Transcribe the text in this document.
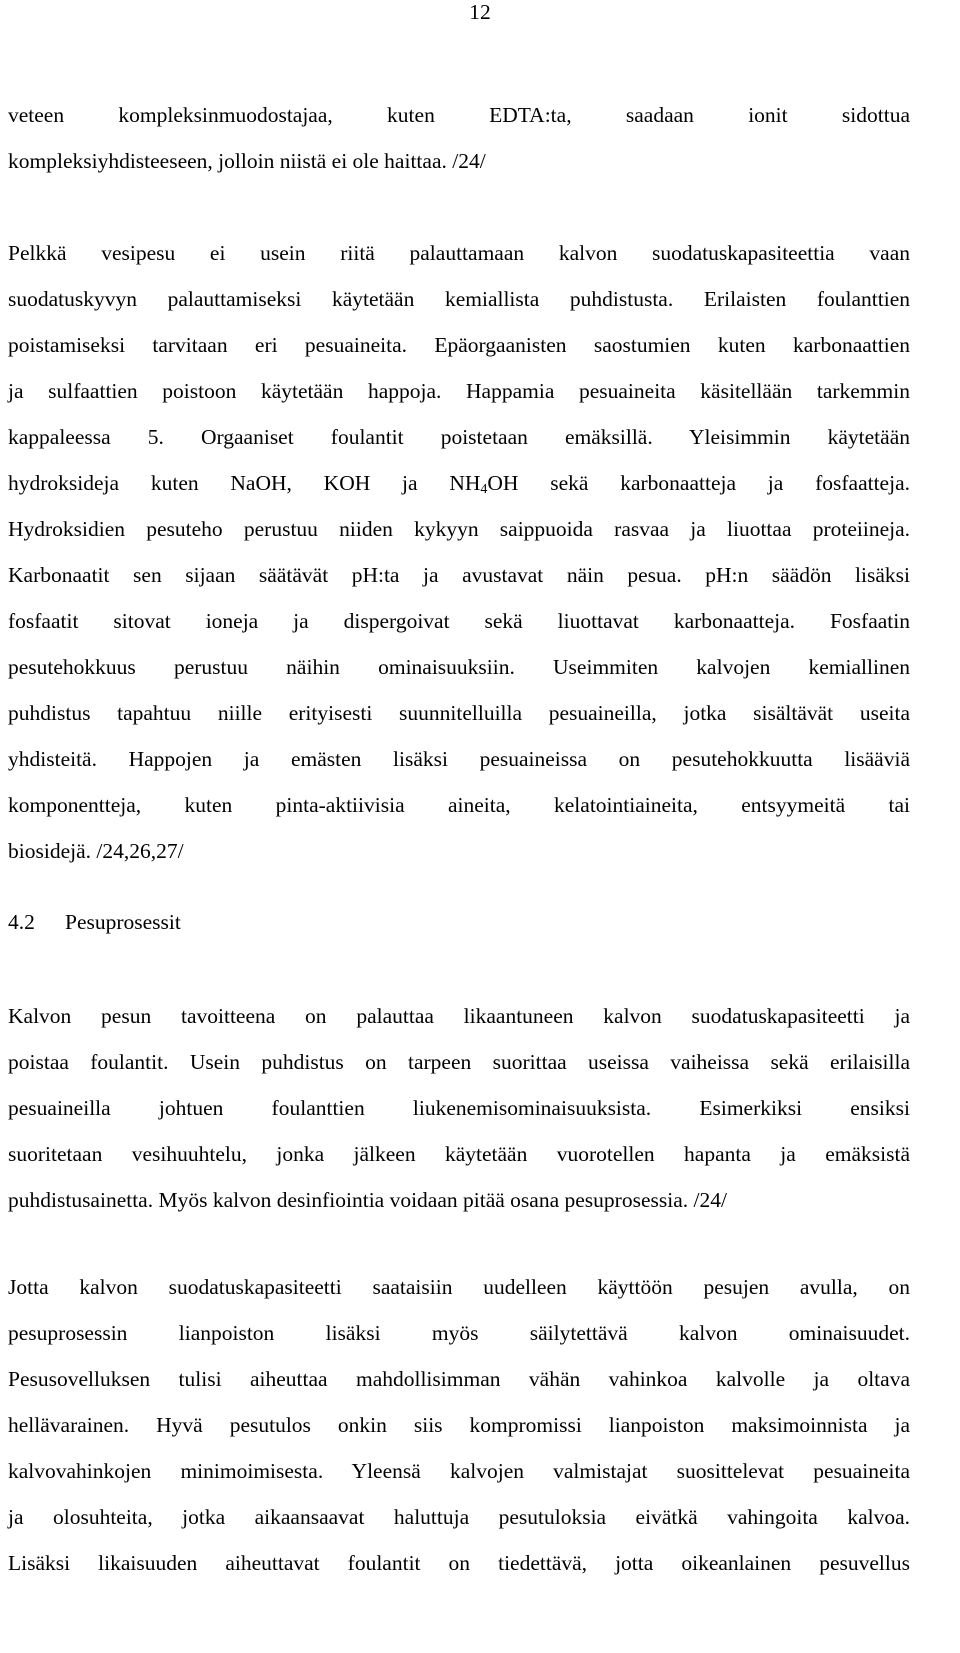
12
veteen kompleksinmuodostajaa, kuten EDTA:ta, saadaan ionit sidottua
kompleksiyhdisteeseen, jolloin niistä ei ole haittaa. /24/
Pelkkä vesipesu ei usein riitä palauttamaan kalvon suodatuskapasiteettia vaan
suodatuskyvyn palauttamiseksi käytetään kemiallista puhdistusta. Erilaisten foulanttien
poistamiseksi tarvitaan eri pesuaineita. Epäorgaanisten saostumien kuten karbonaattien
ja sulfaattien poistoon käytetään happoja. Happamia pesuaineita käsitellään tarkemmin
kappaleessa 5. Orgaaniset foulantit poistetaan emäksillä. Yleisimmin käytetään
hydroksideja kuten NaOH, KOH ja $NH_4OH$ sekä karbonaatteja ja fosfaatteja.
Hydroksidien pesuteho perustuu niiden kykyyn saippuoida rasvaa ja liuottaa proteiineja.
Karbonaatit sen sijaan säätävät pH:ta ja avustavat näin pesua. pH:n säädön lisäksi
fosfaatit sitovat ioneja ja dispergoivat sekä liuottavat karbonaatteja. Fosfaatin
pesutehokkuus perustuu näihin ominaisuuksiin. Useimmiten kalvojen kemiallinen
puhdistus tapahtuu niille erityisesti suunnitelluilla pesuaineilla, jotka sisältävät useita
yhdisteitä. Happojen ja emästen lisäksi pesuaineissa on pesutehokkuutta lisääviä
komponentteja, kuten pinta-aktiivisia aineita, kelatointiaineita, entsyymeitä tai
biosidejä. /24,26,27/
4.2 Pesuprosessit
Kalvon pesun tavoitteena on palauttaa likaantuneen kalvon suodatuskapasiteetti ja
poistaa foulantit. Usein puhdistus on tarpeen suorittaa useissa vaiheissa sekä erilaisilla
pesuaineilla johtuen foulanttien liukenemisominaisuuksista. Esimerkiksi ensiksi
suoritetaan vesihuuhtelu, jonka jälkeen käytetään vuorotellen hapanta ja emäksistä
puhdistusainetta. Myös kalvon desinfiointia voidaan pitää osana pesuprosessia. /24/
Jotta kalvon suodatuskapasiteetti saataisiin uudelleen käyttöön pesujen avulla, on
pesuprosessin lianpoiston lisäksi myös säilytettävä kalvon ominaisuudet.
Pesusovelluksen tulisi aiheuttaa mahdollisimman vähän vahinkoa kalvolle ja oltava
hellävarainen. Hyvä pesutulos onkin siis kompromissi lianpoiston maksimoinnista ja
kalvovahinkojen minimoimisesta. Yleensä kalvojen valmistajat suosittelevat pesuaineita
ja olosuhteita, jotka aikaansaavat haluttuja pesutuloksia eivätkä vahingoita kalvoa.
Lisäksi likaisuuden aiheuttavat foulantit on tiedettävä, jotta oikeanlainen pesuvellus
